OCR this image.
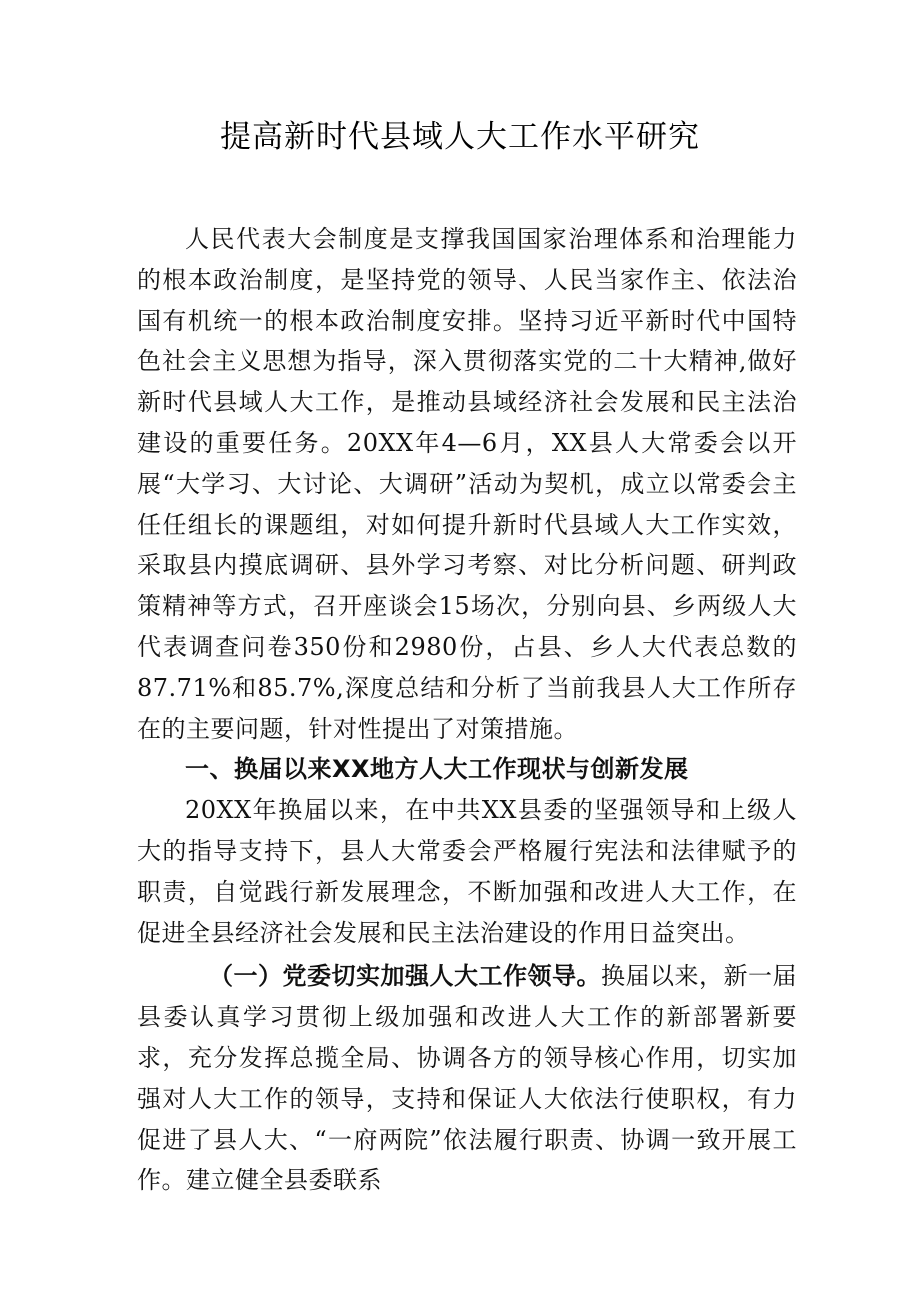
提高新时代县域人大工作水平研究

人民代表大会制度是支撑我国国家治理体系和治理能力的根本政治制度，是坚持党的领导、人民当家作主、依法治国有机统一的根本政治制度安排。坚持习近平新时代中国特色社会主义思想为指导，深入贯彻落实党的二十大精神,做好新时代县域人大工作，是推动县域经济社会发展和民主法治建设的重要任务。20XX年4—6月，XX县人大常委会以开展“大学习、大讨论、大调研”活动为契机，成立以常委会主任任组长的课题组，对如何提升新时代县域人大工作实效，采取县内摸底调研、县外学习考察、对比分析问题、研判政策精神等方式，召开座谈会15场次，分别向县、乡两级人大代表调查问卷350份和2980份，占县、乡人大代表总数的87.71%和85.7%,深度总结和分析了当前我县人大工作所存在的主要问题，针对性提出了对策措施。

一、换届以来XX地方人大工作现状与创新发展

20XX年换届以来，在中共XX县委的坚强领导和上级人大的指导支持下，县人大常委会严格履行宪法和法律赋予的职责，自觉践行新发展理念，不断加强和改进人大工作，在促进全县经济社会发展和民主法治建设的作用日益突出。

（一）党委切实加强人大工作领导。换届以来，新一届县委认真学习贯彻上级加强和改进人大工作的新部署新要求，充分发挥总揽全局、协调各方的领导核心作用，切实加强对人大工作的领导，支持和保证人大依法行使职权，有力促进了县人大、“一府两院”依法履行职责、协调一致开展工作。建立健全县委联系
